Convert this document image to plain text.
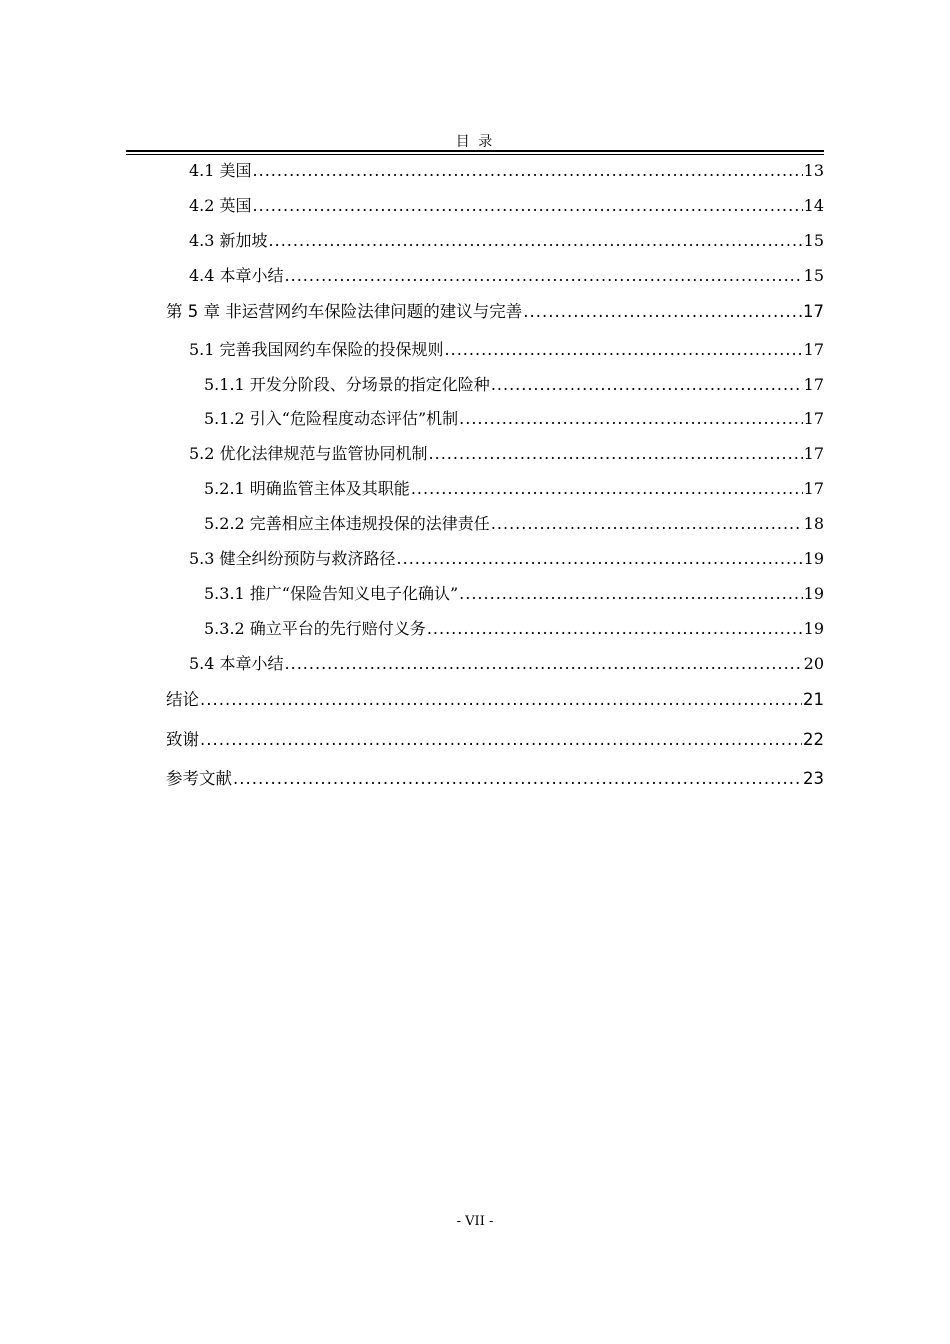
目 录
4.1 美国 .....	13
4.2 英国 .....	14
4.3 新加坡 .....	15
4.4 本章小结 .....	15
第 5 章 非运营网约车保险法律问题的建议与完善 .....	17
5.1 完善我国网约车保险的投保规则 .....	17
5.1.1 开发分阶段、分场景的指定化险种 .....	17
5.1.2 引入“危险程度动态评估”机制 .....	17
5.2 优化法律规范与监管协同机制 .....	17
5.2.1 明确监管主体及其职能 .....	17
5.2.2 完善相应主体违规投保的法律责任 .....	18
5.3 健全纠纷预防与救济路径 .....	19
5.3.1 推广“保险告知义电子化确认” .....	19
5.3.2 确立平台的先行赔付义务 .....	19
5.4 本章小结 .....	20
结论 .....	21
致谢 .....	22
参考文献 .....	23
- VII -
